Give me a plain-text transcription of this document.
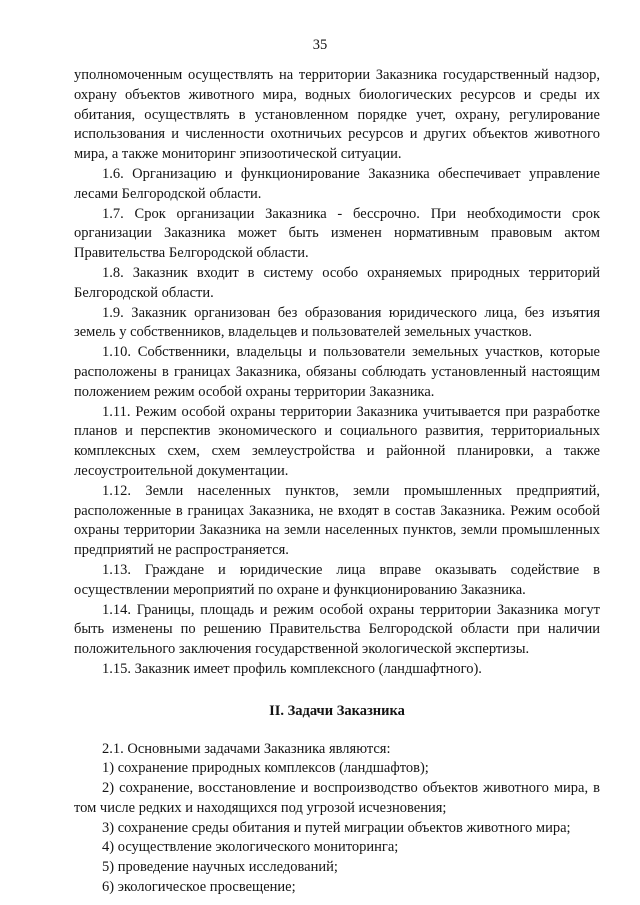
35

уполномоченным осуществлять на территории Заказника государственный надзор, охрану объектов животного мира, водных биологических ресурсов и среды их обитания, осуществлять в установленном порядке учет, охрану, регулирование использования и численности охотничьих ресурсов и других объектов животного мира, а также мониторинг эпизоотической ситуации.

1.6. Организацию и функционирование Заказника обеспечивает управление лесами Белгородской области.

1.7. Срок организации Заказника - бессрочно. При необходимости срок организации Заказника может быть изменен нормативным правовым актом Правительства Белгородской области.

1.8. Заказник входит в систему особо охраняемых природных территорий Белгородской области.

1.9. Заказник организован без образования юридического лица, без изъятия земель у собственников, владельцев и пользователей земельных участков.

1.10. Собственники, владельцы и пользователи земельных участков, которые расположены в границах Заказника, обязаны соблюдать установленный настоящим положением режим особой охраны территории Заказника.

1.11. Режим особой охраны территории Заказника учитывается при разработке планов и перспектив экономического и социального развития, территориальных комплексных схем, схем землеустройства и районной планировки, а также лесоустроительной документации.

1.12. Земли населенных пунктов, земли промышленных предприятий, расположенные в границах Заказника, не входят в состав Заказника. Режим особой охраны территории Заказника на земли населенных пунктов, земли промышленных предприятий не распространяется.

1.13. Граждане и юридические лица вправе оказывать содействие в осуществлении мероприятий по охране и функционированию Заказника.

1.14. Границы, площадь и режим особой охраны территории Заказника могут быть изменены по решению Правительства Белгородской области при наличии положительного заключения государственной экологической экспертизы.

1.15. Заказник имеет профиль комплексного (ландшафтного).

II. Задачи Заказника

2.1. Основными задачами Заказника являются:

1) сохранение природных комплексов (ландшафтов);

2) сохранение, восстановление и воспроизводство объектов животного мира, в том числе редких и находящихся под угрозой исчезновения;

3) сохранение среды обитания и путей миграции объектов животного мира;

4) осуществление экологического мониторинга;

5) проведение научных исследований;

6) экологическое просвещение;
